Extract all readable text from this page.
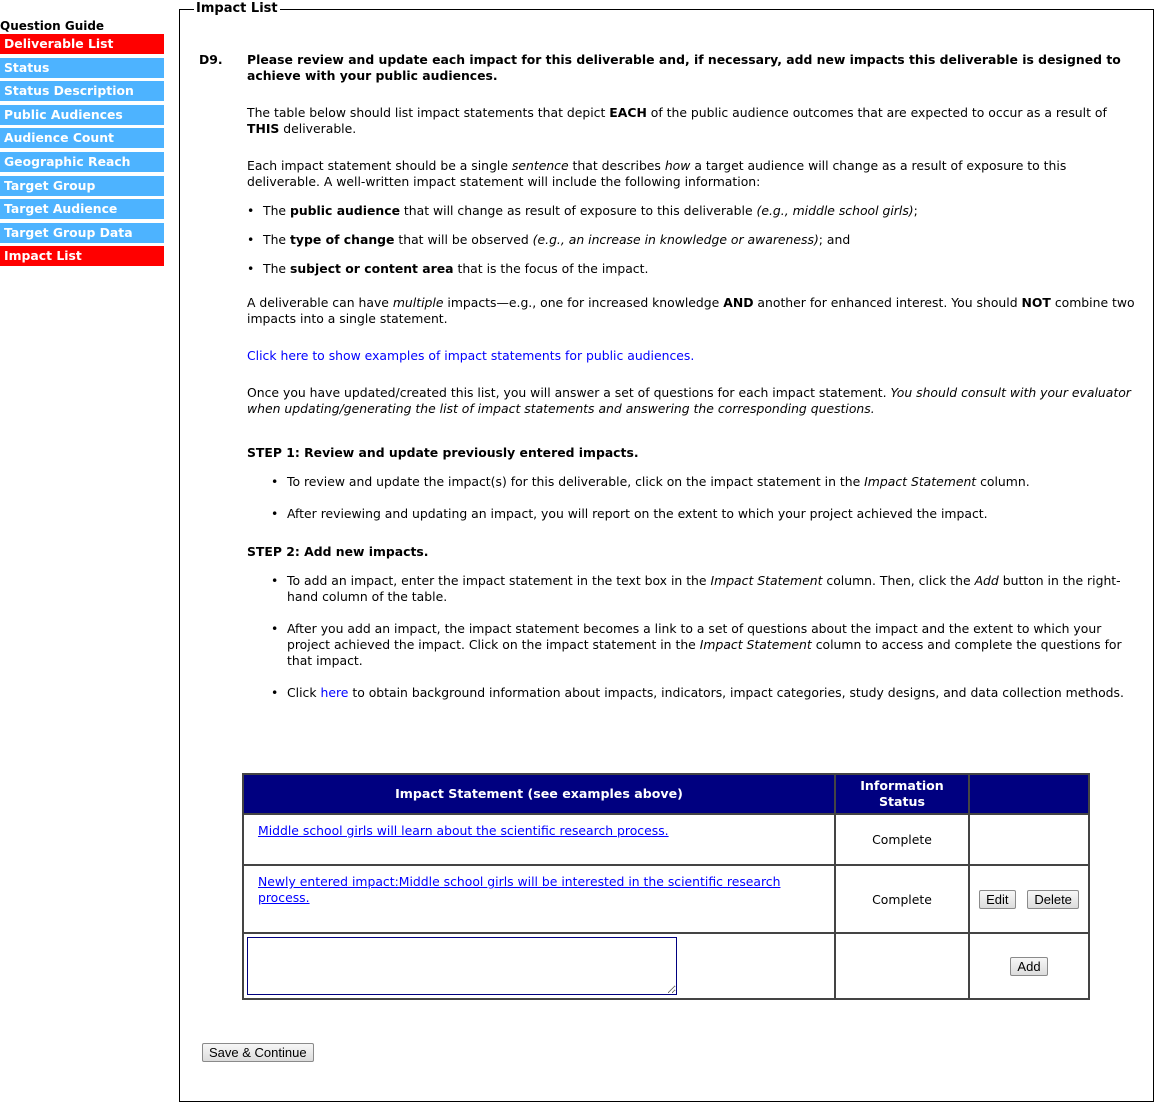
Question Guide
Deliverable List
Status
Status Description
Public Audiences
Audience Count
Geographic Reach
Target Group
Target Audience
Target Group Data
Impact List
Impact List
D9. Please review and update each impact for this deliverable and, if necessary, add new impacts this deliverable is designed to achieve with your public audiences.

The table below should list impact statements that depict EACH of the public audience outcomes that are expected to occur as a result of THIS deliverable.

Each impact statement should be a single sentence that describes how a target audience will change as a result of exposure to this deliverable. A well-written impact statement will include the following information:

• The public audience that will change as result of exposure to this deliverable (e.g., middle school girls);
• The type of change that will be observed (e.g., an increase in knowledge or awareness); and
• The subject or content area that is the focus of the impact.

A deliverable can have multiple impacts—e.g., one for increased knowledge AND another for enhanced interest. You should NOT combine two impacts into a single statement.

Click here to show examples of impact statements for public audiences.

Once you have updated/created this list, you will answer a set of questions for each impact statement. You should consult with your evaluator when updating/generating the list of impact statements and answering the corresponding questions.

STEP 1: Review and update previously entered impacts.

• To review and update the impact(s) for this deliverable, click on the impact statement in the Impact Statement column.
• After reviewing and updating an impact, you will report on the extent to which your project achieved the impact.

STEP 2: Add new impacts.

• To add an impact, enter the impact statement in the text box in the Impact Statement column. Then, click the Add button in the right-hand column of the table.
• After you add an impact, the impact statement becomes a link to a set of questions about the impact and the extent to which your project achieved the impact. Click on the impact statement in the Impact Statement column to access and complete the questions for that impact.
• Click here to obtain background information about impacts, indicators, impact categories, study designs, and data collection methods.
Impact Statement (see examples above)	Information Status	

Middle school girls will learn about the scientific research process.	Complete	

Newly entered impact:Middle school girls will be interested in the scientific research process.	Complete	Edit Delete

		Add
Save & Continue
